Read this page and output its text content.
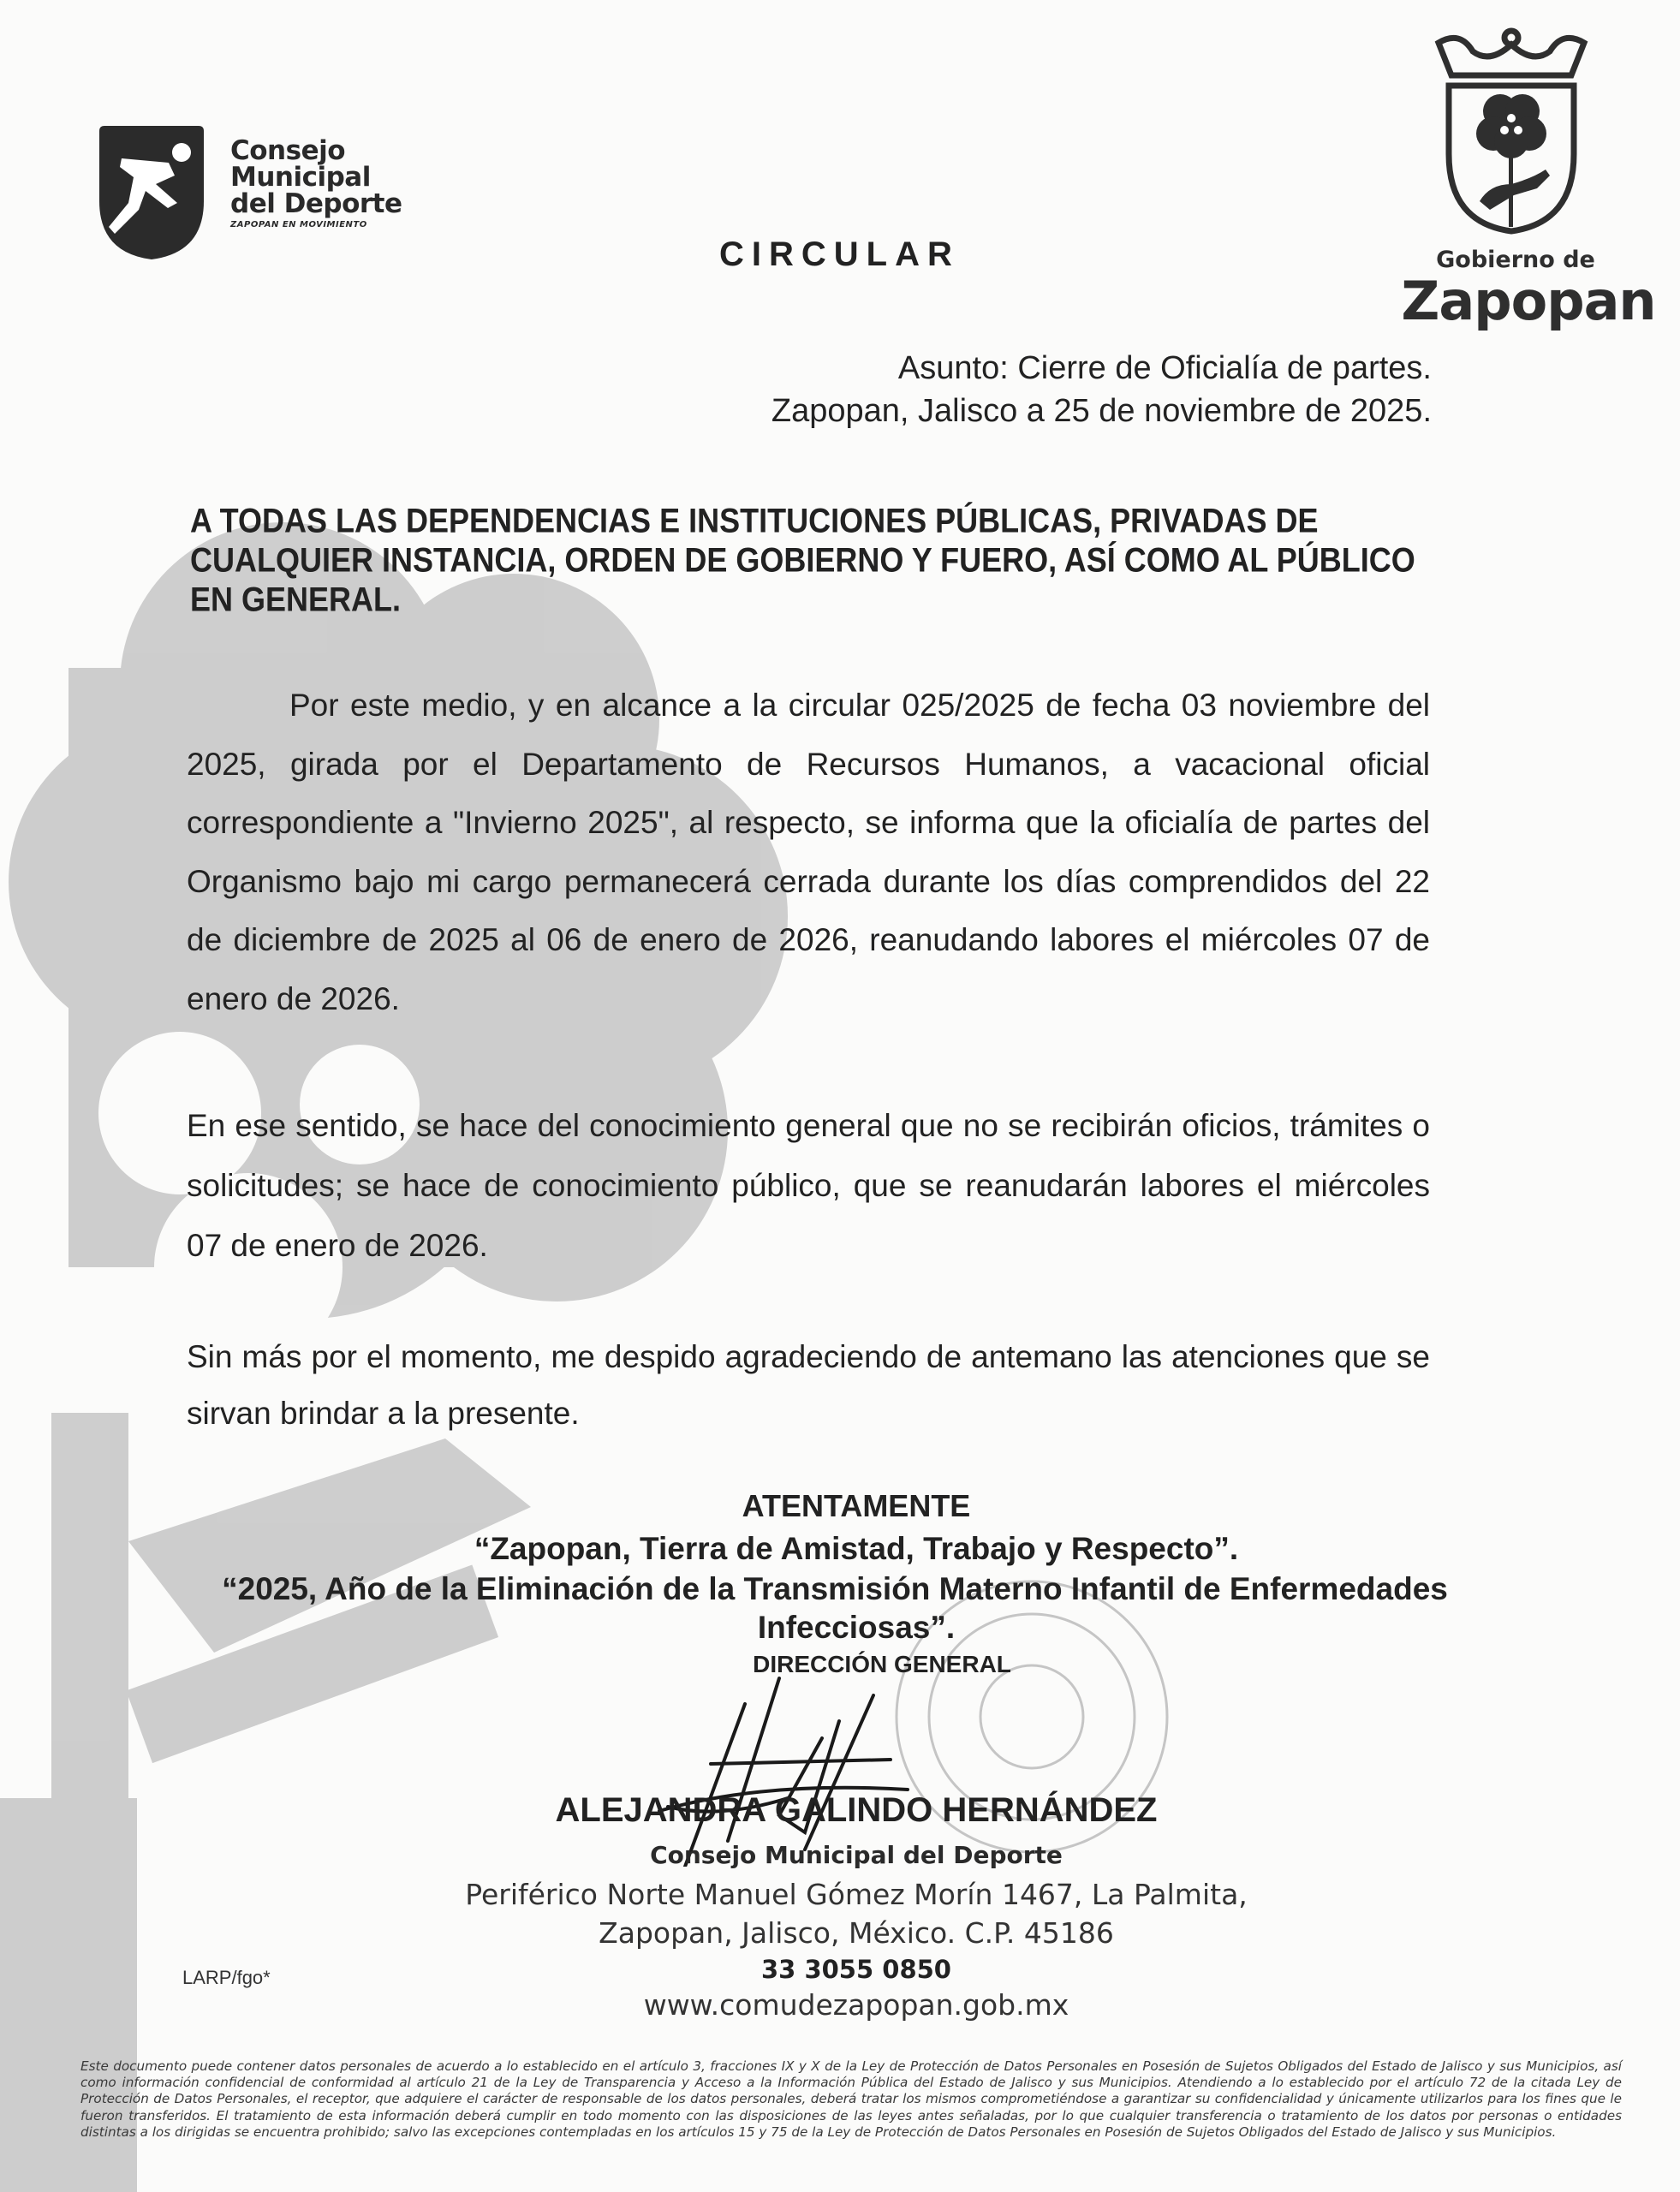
Consejo
Municipal
del Deporte
ZAPOPAN EN MOVIMIENTO
Gobierno de
Zapopan
CIRCULAR
Asunto: Cierre de Oficialía de partes.
Zapopan, Jalisco a 25 de noviembre de 2025.
A TODAS LAS DEPENDENCIAS E INSTITUCIONES PÚBLICAS, PRIVADAS DE CUALQUIER INSTANCIA, ORDEN DE GOBIERNO Y FUERO, ASÍ COMO AL PÚBLICO EN GENERAL.
Por este medio, y en alcance a la circular 025/2025 de fecha 03 noviembre del 2025, girada por el Departamento de Recursos Humanos, a vacacional oficial correspondiente a "Invierno 2025", al respecto, se informa que la oficialía de partes del Organismo bajo mi cargo permanecerá cerrada durante los días comprendidos del 22 de diciembre de 2025 al 06 de enero de 2026, reanudando labores el miércoles 07 de enero de 2026.
En ese sentido, se hace del conocimiento general que no se recibirán oficios, trámites o solicitudes; se hace de conocimiento público, que se reanudarán labores el miércoles 07 de enero de 2026.
Sin más por el momento, me despido agradeciendo de antemano las atenciones que se sirvan brindar a la presente.
ATENTAMENTE
“Zapopan, Tierra de Amistad, Trabajo y Respecto”.
“2025, Año de la Eliminación de la Transmisión Materno Infantil de Enfermedades
Infecciosas”.
DIRECCIÓN GENERAL
ALEJANDRA GALINDO HERNÁNDEZ
Consejo Municipal del Deporte
Periférico Norte Manuel Gómez Morín 1467, La Palmita,
Zapopan, Jalisco, México. C.P. 45186
33 3055 0850
www.comudezapopan.gob.mx
LARP/fgo*
Este documento puede contener datos personales de acuerdo a lo establecido en el artículo 3, fracciones IX y X de la Ley de Protección de Datos Personales en Posesión de Sujetos Obligados del Estado de Jalisco y sus Municipios, así como información confidencial de conformidad al artículo 21 de la Ley de Transparencia y Acceso a la Información Pública del Estado de Jalisco y sus Municipios. Atendiendo a lo establecido por el artículo 72 de la citada Ley de Protección de Datos Personales, el receptor, que adquiere el carácter de responsable de los datos personales, deberá tratar los mismos comprometiéndose a garantizar su confidencialidad y únicamente utilizarlos para los fines que le fueron transferidos. El tratamiento de esta información deberá cumplir en todo momento con las disposiciones de las leyes antes señaladas, por lo que cualquier transferencia o tratamiento de los datos por personas o entidades distintas a los dirigidas se encuentra prohibido; salvo las excepciones contempladas en los artículos 15 y 75 de la Ley de Protección de Datos Personales en Posesión de Sujetos Obligados del Estado de Jalisco y sus Municipios.
